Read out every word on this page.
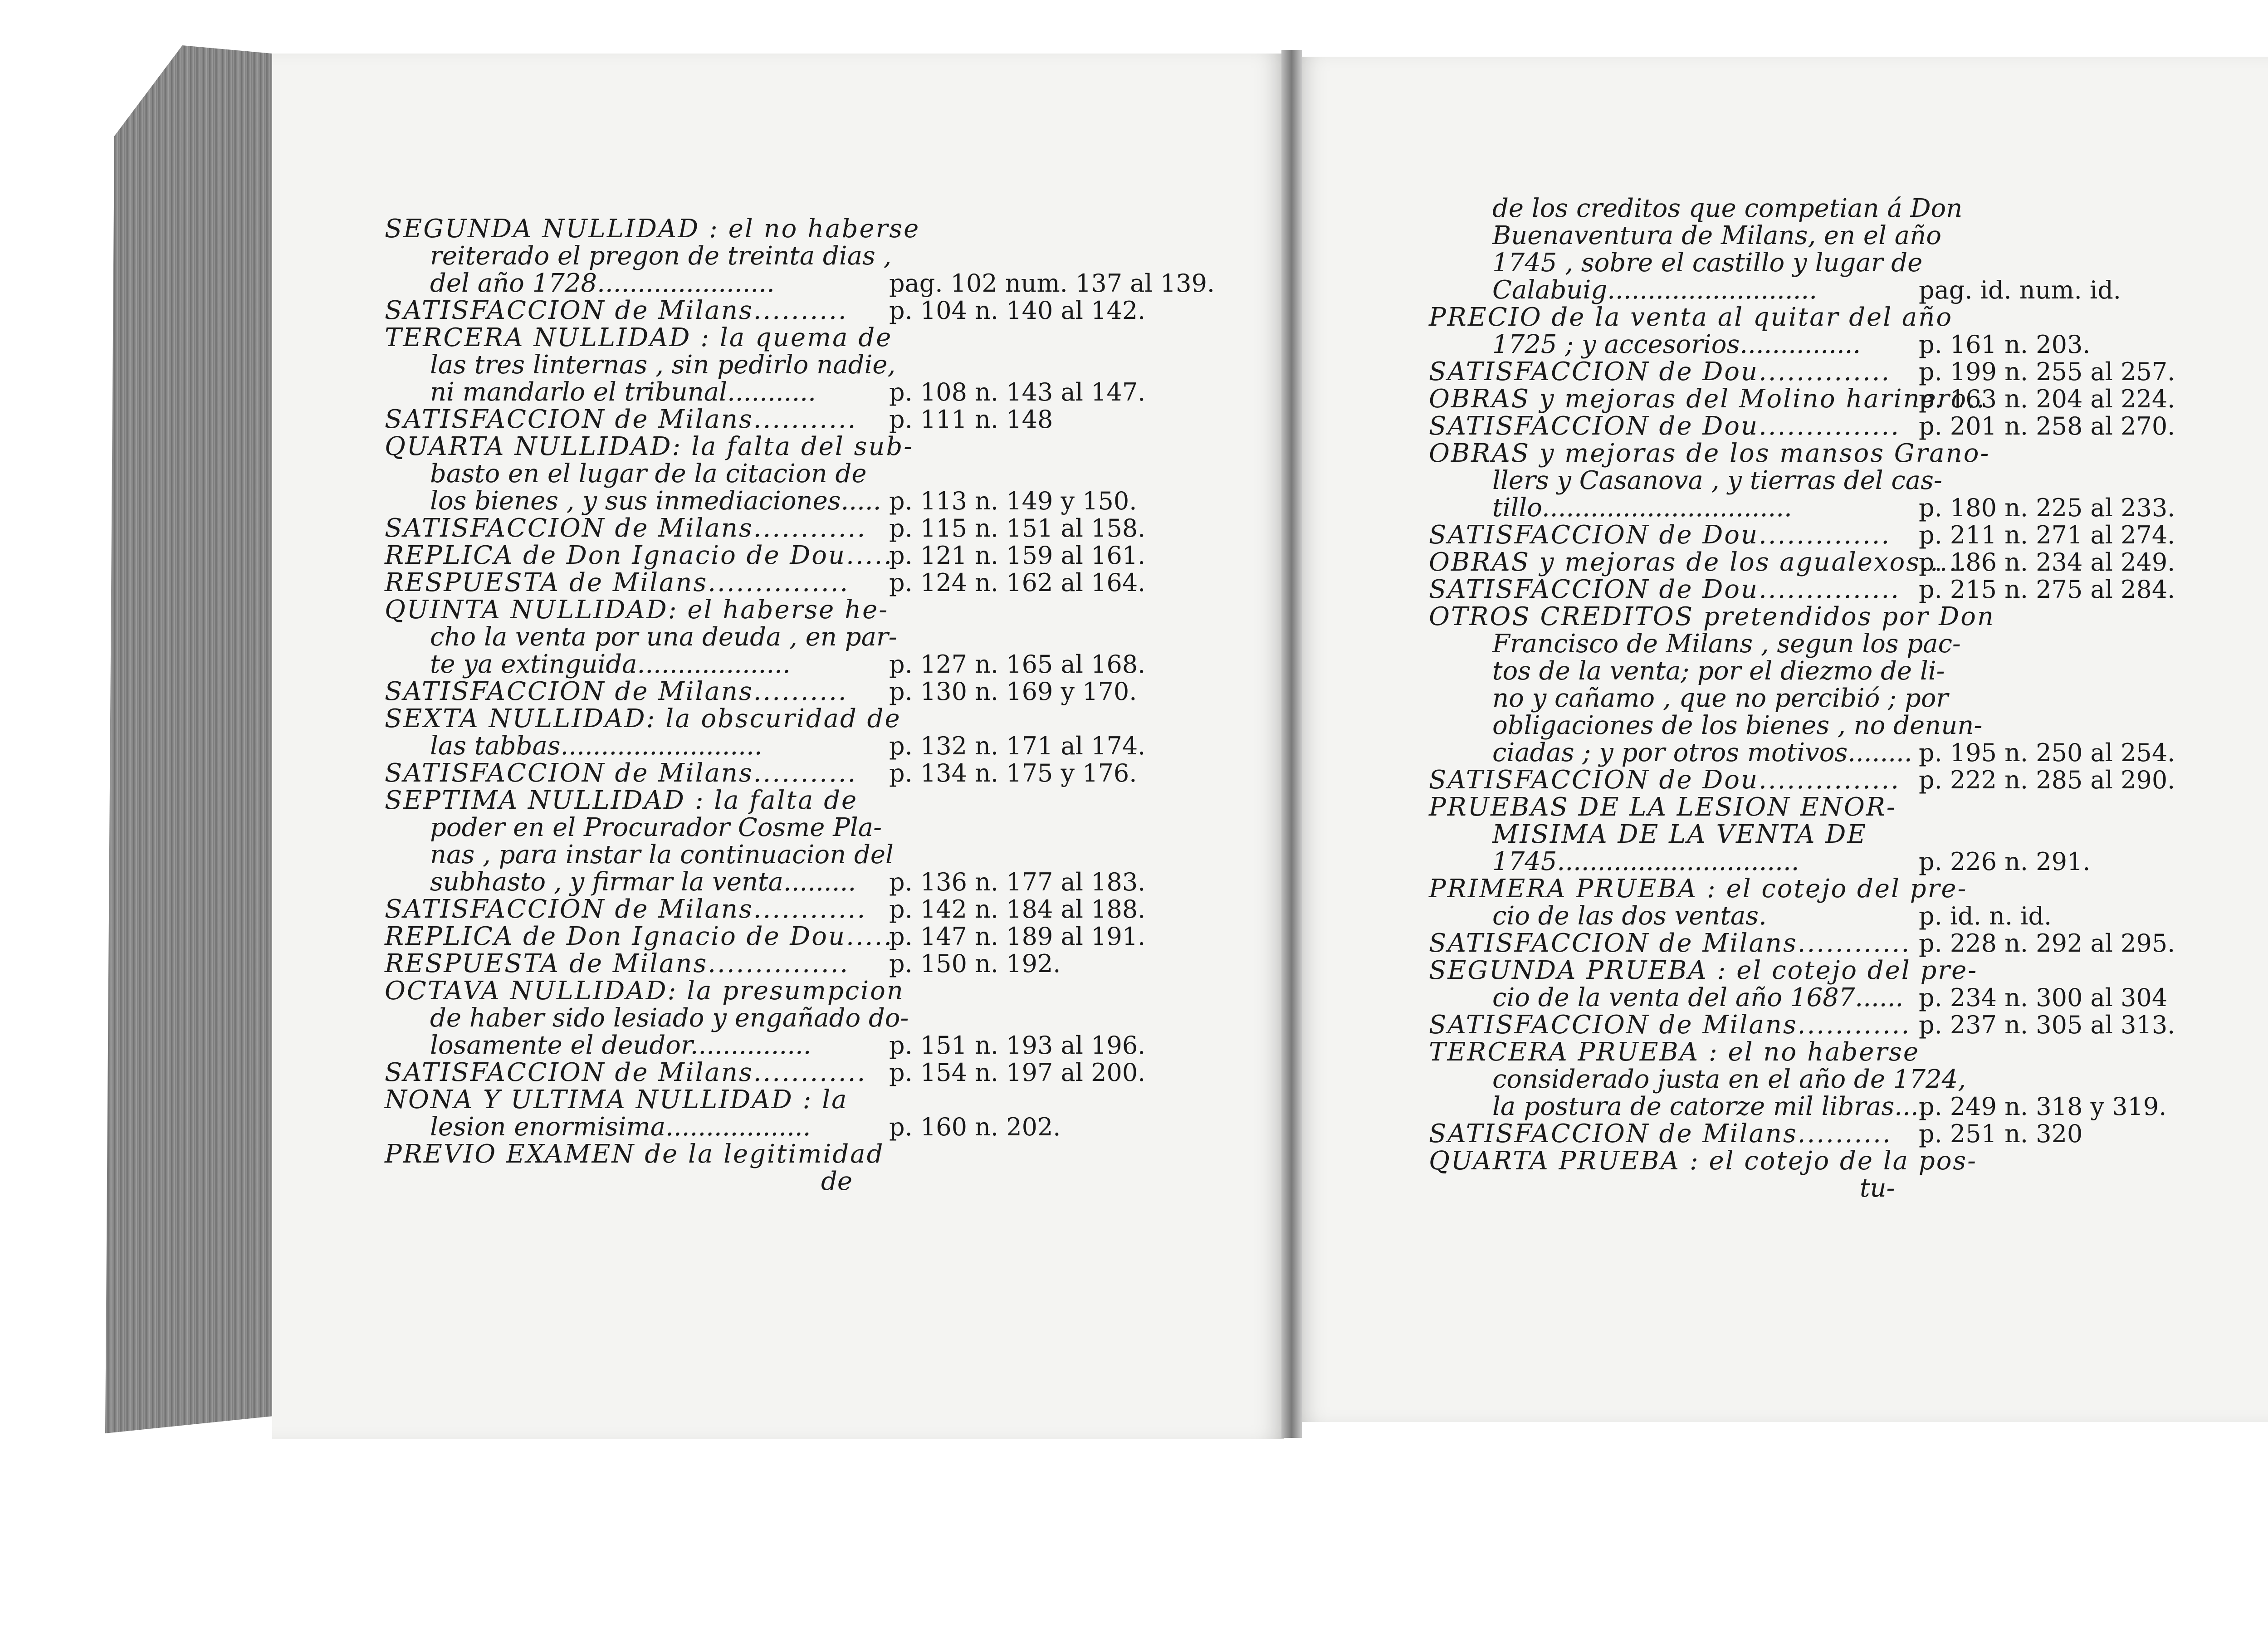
SEGUNDA NULLIDAD : el no haberse
reiterado el pregon de treinta dias ,
del año 1728......................
SATISFACCION de Milans..........
TERCERA NULLIDAD : la quema de
las tres linternas , sin pedirlo nadie,
ni mandarlo el tribunal...........
SATISFACCION de Milans...........
QUARTA NULLIDAD: la falta del sub-
basto en el lugar de la citacion de
los bienes , y sus inmediaciones.....
SATISFACCION de Milans............
REPLICA de Don Ignacio de Dou.....
RESPUESTA de Milans...............
QUINTA NULLIDAD: el haberse he-
cho la venta por una deuda , en par-
te ya extinguida...................
SATISFACCION de Milans..........
SEXTA NULLIDAD: la obscuridad de
las tabbas.........................
SATISFACCION de Milans...........
SEPTIMA NULLIDAD : la falta de
poder en el Procurador Cosme Pla-
nas , para instar la continuacion del
subhasto , y firmar la venta.........
SATISFACCION de Milans............
REPLICA de Don Ignacio de Dou.....
RESPUESTA de Milans...............
OCTAVA NULLIDAD: la presumpcion
de haber sido lesiado y engañado do-
losamente el deudor...............
SATISFACCION de Milans............
NONA Y ULTIMA NULLIDAD : la
lesion enormisima..................
PREVIO EXAMEN de la legitimidad
de
pag. 102 num. 137 al 139.
p. 104 n. 140 al 142.
p. 108 n. 143 al 147.
p. 111 n. 148
p. 113 n. 149 y 150.
p. 115 n. 151 al 158.
p. 121 n. 159 al 161.
p. 124 n. 162 al 164.
p. 127 n. 165 al 168.
p. 130 n. 169 y 170.
p. 132 n. 171 al 174.
p. 134 n. 175 y 176.
p. 136 n. 177 al 183.
p. 142 n. 184 al 188.
p. 147 n. 189 al 191.
p. 150 n. 192.
p. 151 n. 193 al 196.
p. 154 n. 197 al 200.
p. 160 n. 202.
de los creditos que competian á Don
Buenaventura de Milans, en el año
1745 , sobre el castillo y lugar de
Calabuig..........................
PRECIO de la venta al quitar del año
1725 ; y accesorios...............
SATISFACCION de Dou..............
OBRAS y mejoras del Molino harinero..
SATISFACCION de Dou...............
OBRAS y mejoras de los mansos Grano-
llers y Casanova , y tierras del cas-
tillo...............................
SATISFACCION de Dou..............
OBRAS y mejoras de los agualexos.....
SATISFACCION de Dou...............
OTROS CREDITOS pretendidos por Don
Francisco de Milans , segun los pac-
tos de la venta; por el diezmo de li-
no y cañamo , que no percibió ; por
obligaciones de los bienes , no denun-
ciadas ; y por otros motivos........
SATISFACCION de Dou...............
PRUEBAS DE LA LESION ENOR-
MISIMA DE LA VENTA DE
1745..............................
PRIMERA PRUEBA : el cotejo del pre-
cio de las dos ventas.
SATISFACCION de Milans............
SEGUNDA PRUEBA : el cotejo del pre-
cio de la venta del año 1687......
SATISFACCION de Milans............
TERCERA PRUEBA : el no haberse
considerado justa en el año de 1724,
la postura de catorze mil libras....
SATISFACCION de Milans..........
QUARTA PRUEBA : el cotejo de la pos-
tu-
pag. id. num. id.
p. 161 n. 203.
p. 199 n. 255 al 257.
p. 163 n. 204 al 224.
p. 201 n. 258 al 270.
p. 180 n. 225 al 233.
p. 211 n. 271 al 274.
p. 186 n. 234 al 249.
p. 215 n. 275 al 284.
p. 195 n. 250 al 254.
p. 222 n. 285 al 290.
p. 226 n. 291.
p. id. n. id.
p. 228 n. 292 al 295.
p. 234 n. 300 al 304
p. 237 n. 305 al 313.
p. 249 n. 318 y 319.
p. 251 n. 320
